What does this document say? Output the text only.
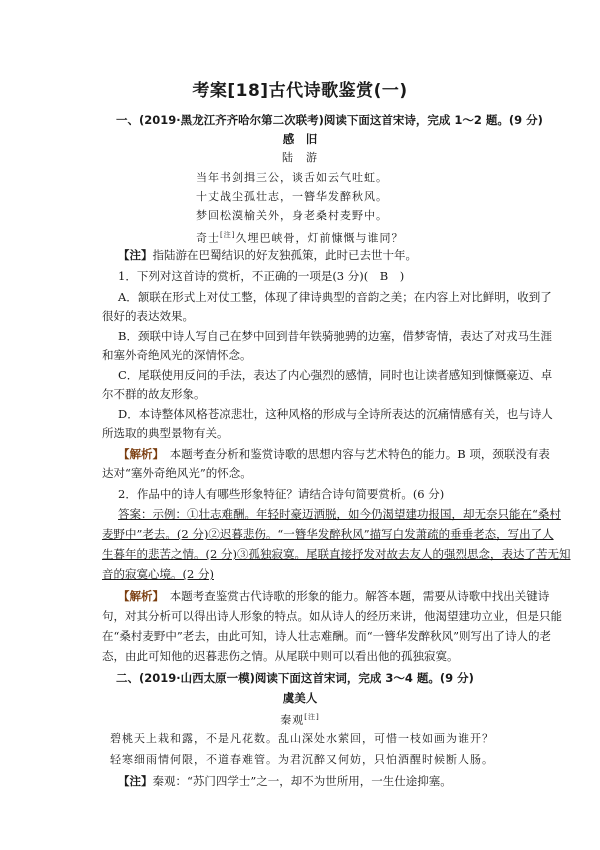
考案[18]古代诗歌鉴赏(一)
一、(2019·黑龙江齐齐哈尔第二次联考)阅读下面这首宋诗，完成 1～2 题。(9 分)
感　旧
陆　游
当年书剑揖三公，谈舌如云气吐虹。
十丈战尘孤壮志，一簪华发醉秋风。
梦回松漠榆关外，身老桑村麦野中。
奇士[注]久埋巴峡骨，灯前慷慨与谁同？
【注】指陆游在巴蜀结识的好友独孤策，此时已去世十年。
1．下列对这首诗的赏析，不正确的一项是(3 分)(　B　)
A．颔联在形式上对仗工整，体现了律诗典型的音韵之美；在内容上对比鲜明，收到了
很好的表达效果。
B．颈联中诗人写自己在梦中回到昔年铁骑驰骋的边塞，借梦寄情，表达了对戎马生涯
和塞外奇绝风光的深情怀念。
C．尾联使用反问的手法，表达了内心强烈的感情，同时也让读者感知到慷慨豪迈、卓
尔不群的故友形象。
D．本诗整体风格苍凉悲壮，这种风格的形成与全诗所表达的沉痛情感有关，也与诗人
所选取的典型景物有关。
【解析】　本题考查分析和鉴赏诗歌的思想内容与艺术特色的能力。B 项，颈联没有表
达对“塞外奇绝风光”的怀念。
2．作品中的诗人有哪些形象特征？请结合诗句简要赏析。(6 分)
答案：示例：①壮志难酬。年轻时豪迈洒脱，如今仍渴望建功报国，却无奈只能在“桑村
麦野中”老去。(2 分)②迟暮悲伤。“一簪华发醉秋风”描写白发萧疏的垂垂老态，写出了人
生暮年的悲苦之情。(2 分)③孤独寂寞。尾联直接抒发对故去友人的强烈思念，表达了苦无知
音的寂寞心境。(2 分)
【解析】　本题考查鉴赏古代诗歌的形象的能力。解答本题，需要从诗歌中找出关键诗
句，对其分析可以得出诗人形象的特点。如从诗人的经历来讲，他渴望建功立业，但是只能
在“桑村麦野中”老去，由此可知，诗人壮志难酬。而“一簪华发醉秋风”则写出了诗人的老
态，由此可知他的迟暮悲伤之情。从尾联中则可以看出他的孤独寂寞。
二、(2019·山西太原一模)阅读下面这首宋词，完成 3～4 题。(9 分)
虞美人
秦观[注]
碧桃天上栽和露，不是凡花数。乱山深处水萦回，可惜一枝如画为谁开？
轻寒细雨情何限，不道春难管。为君沉醉又何妨，只怕酒醒时候断人肠。
【注】秦观：“苏门四学士”之一，却不为世所用，一生仕途抑塞。
